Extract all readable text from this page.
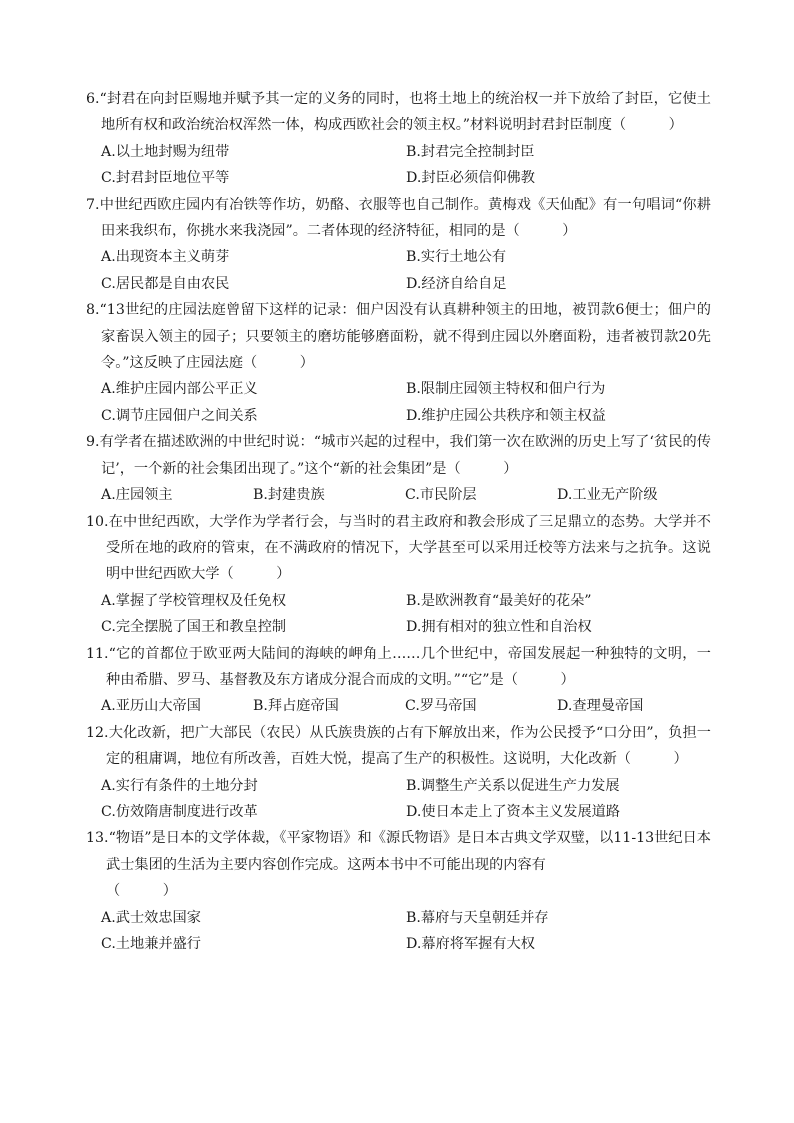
6.“封君在向封臣赐地并赋予其一定的义务的同时，也将土地上的统治权一并下放给了封臣，它使土地所有权和政治统治权浑然一体，构成西欧社会的领主权。”材料说明封君封臣制度（　　　）
A.以土地封赐为纽带	B.封君完全控制封臣
C.封君封臣地位平等	D.封臣必须信仰佛教
7.中世纪西欧庄园内有冶铁等作坊，奶酪、衣服等也自己制作。黄梅戏《天仙配》有一句唱词“你耕田来我织布，你挑水来我浇园”。二者体现的经济特征，相同的是（　　　）
A.出现资本主义萌芽	B.实行土地公有
C.居民都是自由农民	D.经济自给自足
8.“13世纪的庄园法庭曾留下这样的记录：佃户因没有认真耕种领主的田地，被罚款6便士；佃户的家畜误入领主的园子；只要领主的磨坊能够磨面粉，就不得到庄园以外磨面粉，违者被罚款20先令。”这反映了庄园法庭（　　　）
A.维护庄园内部公平正义	B.限制庄园领主特权和佃户行为
C.调节庄园佃户之间关系	D.维护庄园公共秩序和领主权益
9.有学者在描述欧洲的中世纪时说：“城市兴起的过程中，我们第一次在欧洲的历史上写了‘贫民的传记’，一个新的社会集团出现了。”这个“新的社会集团”是（　　　）
A.庄园领主	B.封建贵族	C.市民阶层	D.工业无产阶级
10.在中世纪西欧，大学作为学者行会，与当时的君主政府和教会形成了三足鼎立的态势。大学并不受所在地的政府的管束，在不满政府的情况下，大学甚至可以采用迁校等方法来与之抗争。这说明中世纪西欧大学（　　　）
A.掌握了学校管理权及任免权	B.是欧洲教育“最美好的花朵”
C.完全摆脱了国王和教皇控制	D.拥有相对的独立性和自治权
11.“它的首都位于欧亚两大陆间的海峡的岬角上……几个世纪中，帝国发展起一种独特的文明，一种由希腊、罗马、基督教及东方诸成分混合而成的文明。”“它”是（　　　）
A.亚历山大帝国	B.拜占庭帝国	C.罗马帝国	D.查理曼帝国
12.大化改新，把广大部民（农民）从氏族贵族的占有下解放出来，作为公民授予“口分田”，负担一定的租庸调，地位有所改善，百姓大悦，提高了生产的积极性。这说明，大化改新（　　　）
A.实行有条件的土地分封	B.调整生产关系以促进生产力发展
C.仿效隋唐制度进行改革	D.使日本走上了资本主义发展道路
13.“物语”是日本的文学体裁，《平家物语》和《源氏物语》是日本古典文学双璧，以11-13世纪日本武士集团的生活为主要内容创作完成。这两本书中不可能出现的内容有
（　　　）
A.武士效忠国家	B.幕府与天皇朝廷并存
C.土地兼并盛行	D.幕府将军握有大权
